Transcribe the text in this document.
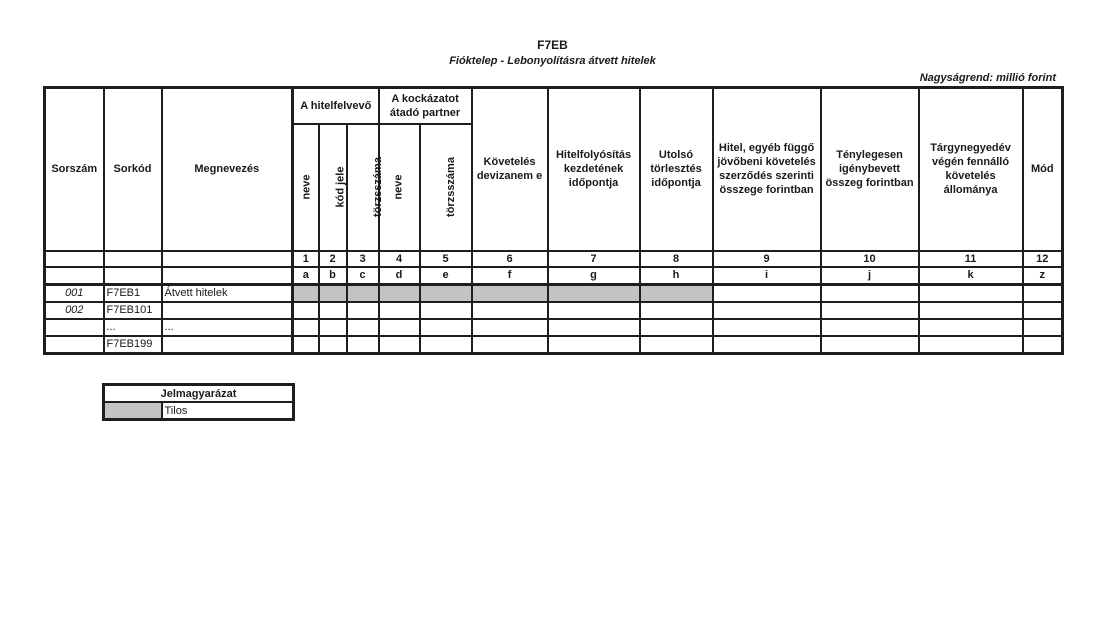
F7EB
Fióktelep - Lebonyolításra átvett hitelek
Nagyságrend: millió forint
Sorszám	Sorkód	Megnevezés	A hitelfelvevő			A kockázatot átadó partner		Követelés devizanem e	Hitelfolyósítás kezdetének időpontja	Utolsó törlesztés időpontja	Hitel, egyéb függő jövőbeni követelés szerződés szerinti összege forintban	Ténylegesen igénybevett összeg forintban	Tárgynegyedév végén fennálló követelés állománya	Mód
			neve	kód jele	törzsszáma	neve	törzsszáma							
			1	2	3	4	5	6	7	8	9	10	11	12
			a	b	c	d	e	f	g	h	i	j	k	z
001	F7EB1	Átvett hitelek												
002	F7EB101													
	...	...												
	F7EB199													
Jelmagyarázat
	Tilos
